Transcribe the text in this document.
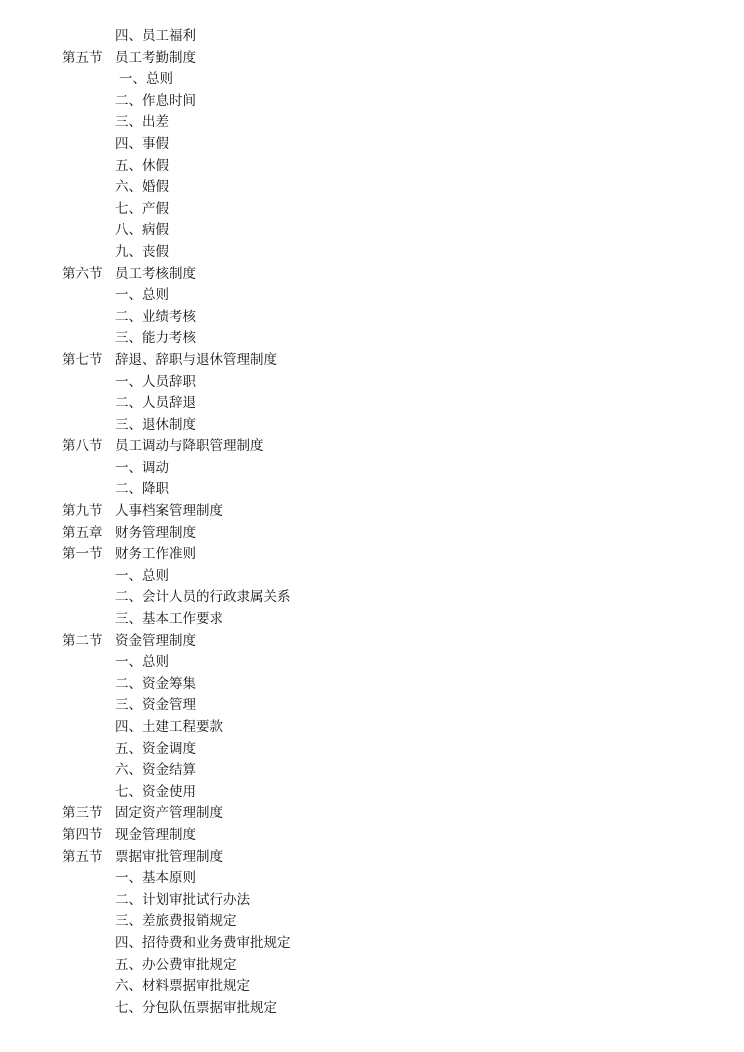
四、员工福利
第五节 员工考勤制度
一、总则
二、作息时间
三、出差
四、事假
五、休假
六、婚假
七、产假
八、病假
九、丧假
第六节 员工考核制度
一、总则
二、业绩考核
三、能力考核
第七节 辞退、辞职与退休管理制度
一、人员辞职
二、人员辞退
三、退休制度
第八节 员工调动与降职管理制度
一、调动
二、降职
第九节 人事档案管理制度
第五章 财务管理制度
第一节 财务工作准则
一、总则
二、会计人员的行政隶属关系
三、基本工作要求
第二节 资金管理制度
一、总则
二、资金筹集
三、资金管理
四、土建工程要款
五、资金调度
六、资金结算
七、资金使用
第三节 固定资产管理制度
第四节 现金管理制度
第五节 票据审批管理制度
一、基本原则
二、计划审批试行办法
三、差旅费报销规定
四、招待费和业务费审批规定
五、办公费审批规定
六、材料票据审批规定
七、分包队伍票据审批规定
